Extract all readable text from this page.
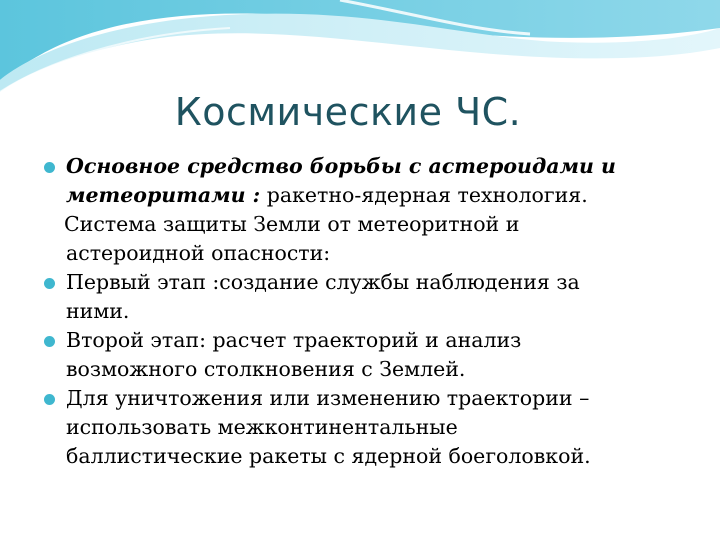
Космические ЧС.
Основное средство борьбы с астероидами и
метеоритами : ракетно-ядерная технология.
Система защиты Земли от метеоритной и
астероидной опасности:
Первый этап :создание службы наблюдения за
ними.
Второй этап: расчет траекторий и анализ
возможного столкновения с Землей.
Для уничтожения или изменению траектории –
использовать межконтинентальные
баллистические ракеты с ядерной боеголовкой.
